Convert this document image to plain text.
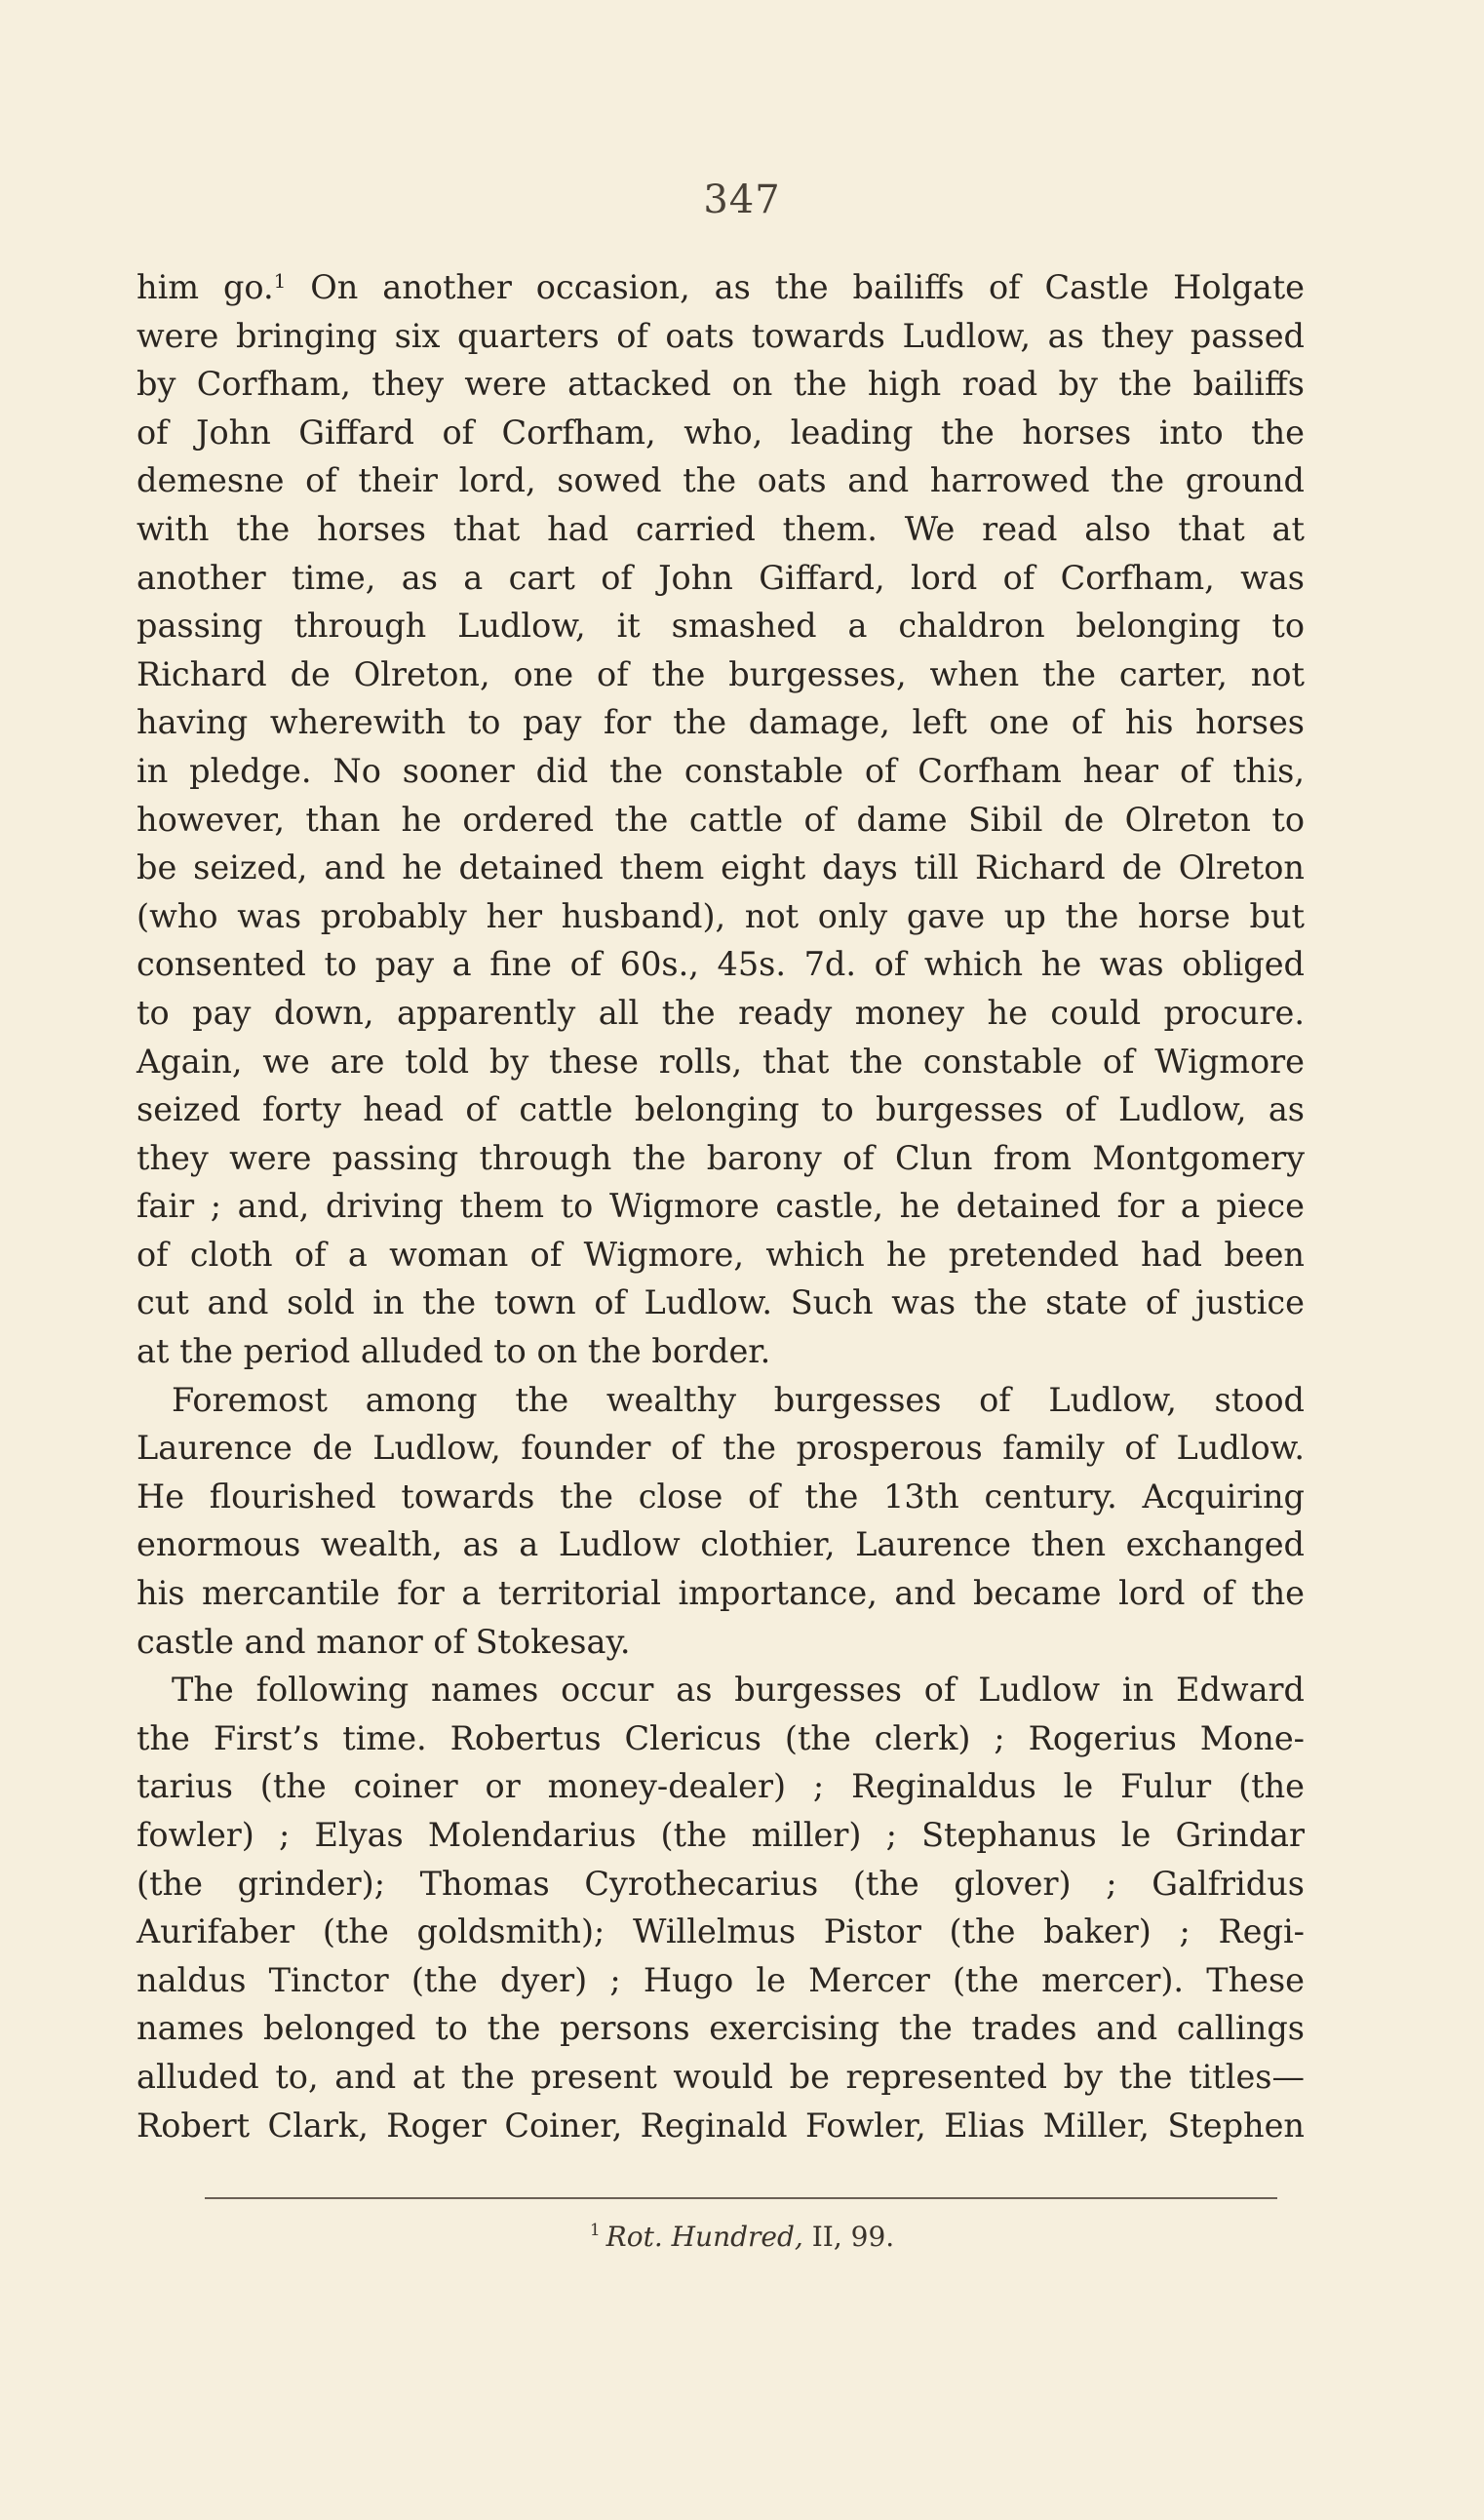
347
him go.$^1$ On another occasion, as the bailiffs of Castle Holgate
were bringing six quarters of oats towards Ludlow, as they passed
by Corfham, they were attacked on the high road by the bailiffs
of John Giffard of Corfham, who, leading the horses into the
demesne of their lord, sowed the oats and harrowed the ground
with the horses that had carried them. We read also that at
another time, as a cart of John Giffard, lord of Corfham, was
passing through Ludlow, it smashed a chaldron belonging to
Richard de Olreton, one of the burgesses, when the carter, not
having wherewith to pay for the damage, left one of his horses
in pledge. No sooner did the constable of Corfham hear of this,
however, than he ordered the cattle of dame Sibil de Olreton to
be seized, and he detained them eight days till Richard de Olreton
(who was probably her husband), not only gave up the horse but
consented to pay a fine of 60s., 45s. 7d. of which he was obliged
to pay down, apparently all the ready money he could procure.
Again, we are told by these rolls, that the constable of Wigmore
seized forty head of cattle belonging to burgesses of Ludlow, as
they were passing through the barony of Clun from Montgomery
fair ; and, driving them to Wigmore castle, he detained for a piece
of cloth of a woman of Wigmore, which he pretended had been
cut and sold in the town of Ludlow. Such was the state of justice
at the period alluded to on the border.
Foremost among the wealthy burgesses of Ludlow, stood
Laurence de Ludlow, founder of the prosperous family of Ludlow.
He flourished towards the close of the 13th century. Acquiring
enormous wealth, as a Ludlow clothier, Laurence then exchanged
his mercantile for a territorial importance, and became lord of the
castle and manor of Stokesay.
The following names occur as burgesses of Ludlow in Edward
the First’s time. Robertus Clericus (the clerk) ; Rogerius Mone-
tarius (the coiner or money-dealer) ; Reginaldus le Fulur (the
fowler) ; Elyas Molendarius (the miller) ; Stephanus le Grindar
(the grinder); Thomas Cyrothecarius (the glover) ; Galfridus
Aurifaber (the goldsmith); Willelmus Pistor (the baker) ; Regi-
naldus Tinctor (the dyer) ; Hugo le Mercer (the mercer). These
names belonged to the persons exercising the trades and callings
alluded to, and at the present would be represented by the titles—
Robert Clark, Roger Coiner, Reginald Fowler, Elias Miller, Stephen
$^1$ Rot. Hundred, II, 99.
